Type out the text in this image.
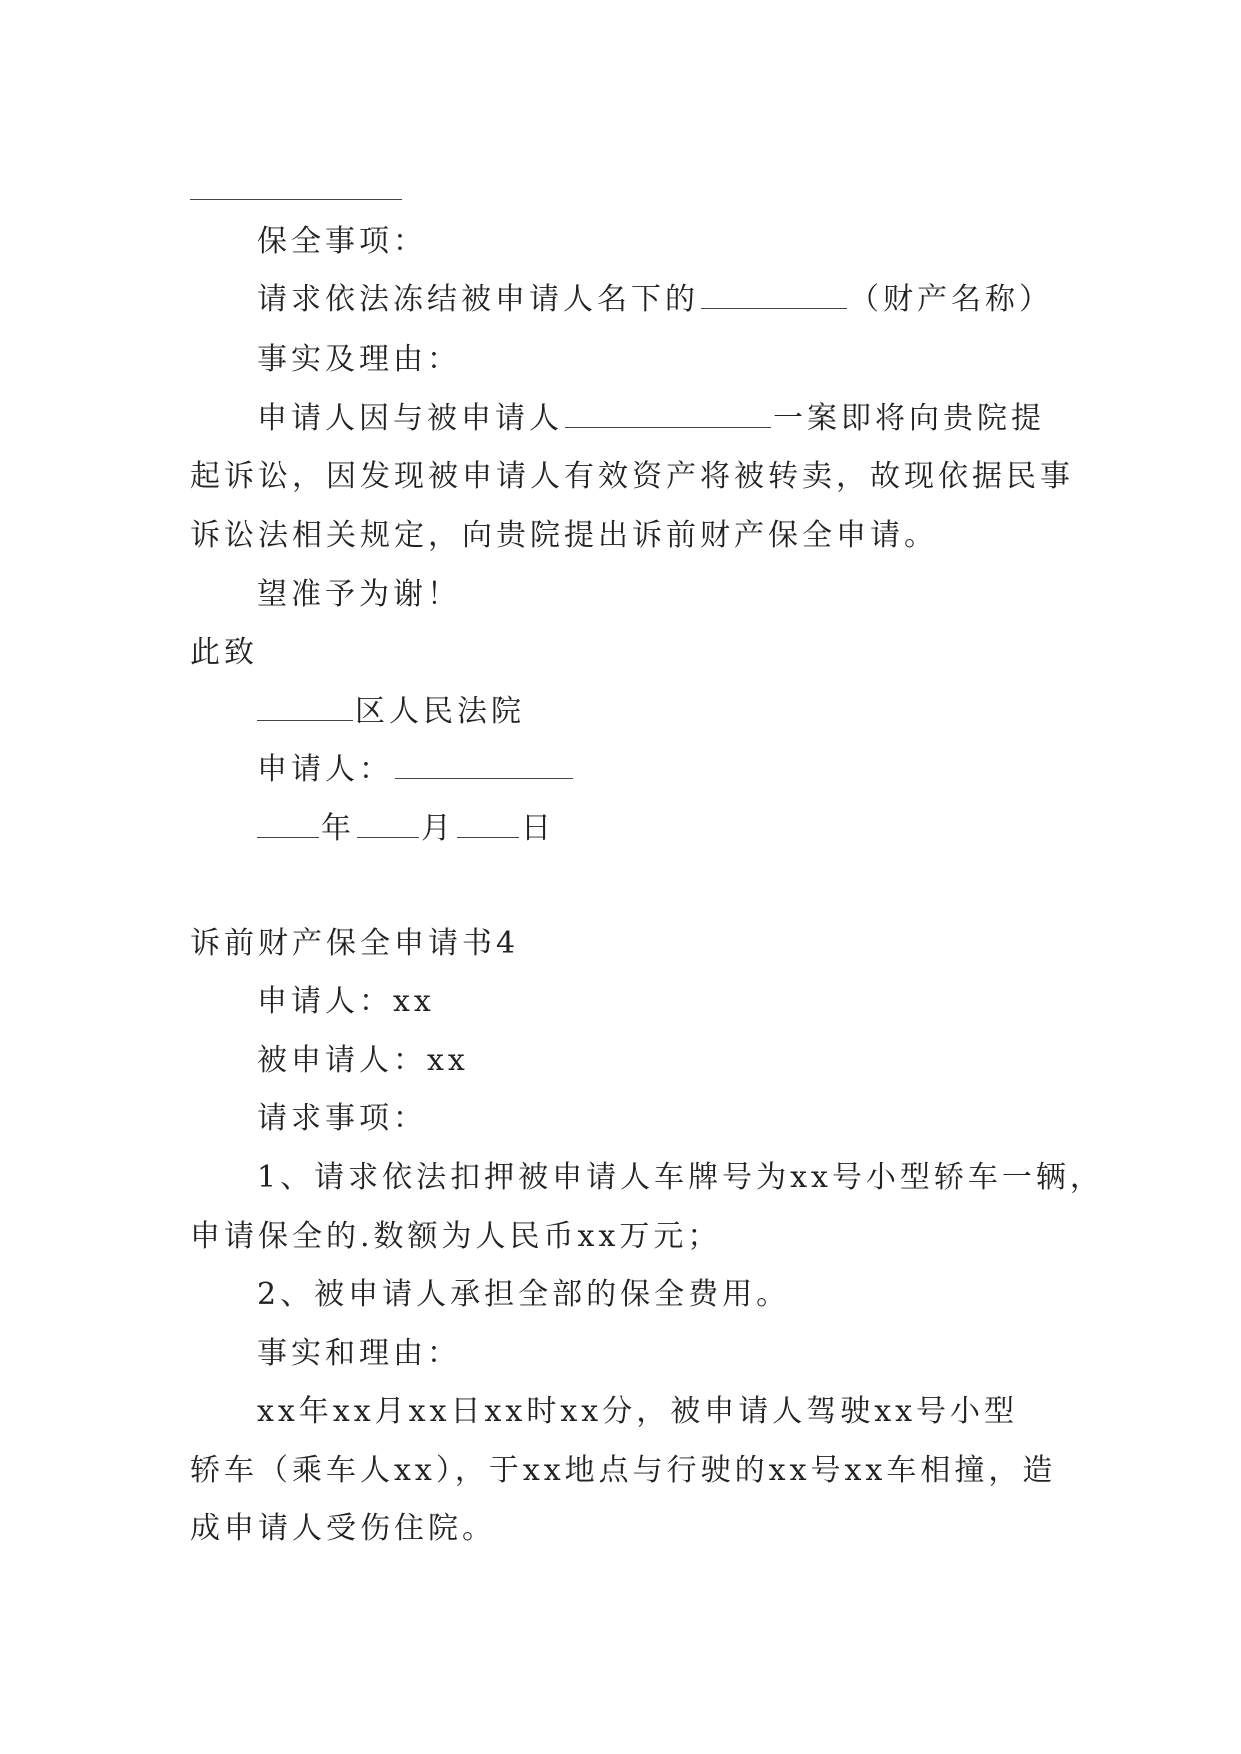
保全事项：
请求依法冻结被申请人名下的	（财产名称）
事实及理由：
申请人因与被申请人	一案即将向贵院提
起诉讼，因发现被申请人有效资产将被转卖，故现依据民事
诉讼法相关规定，向贵院提出诉前财产保全申请。
望准予为谢！
此致
区人民法院
申请人：
年 月 日
诉前财产保全申请书4
申请人：xx
被申请人：xx
请求事项：
1、请求依法扣押被申请人车牌号为xx号小型轿车一辆，
申请保全的.数额为人民币xx万元；
2、被申请人承担全部的保全费用。
事实和理由：
xx年xx月xx日xx时xx分，被申请人驾驶xx号小型
轿车（乘车人xx），于xx地点与行驶的xx号xx车相撞，造
成申请人受伤住院。
